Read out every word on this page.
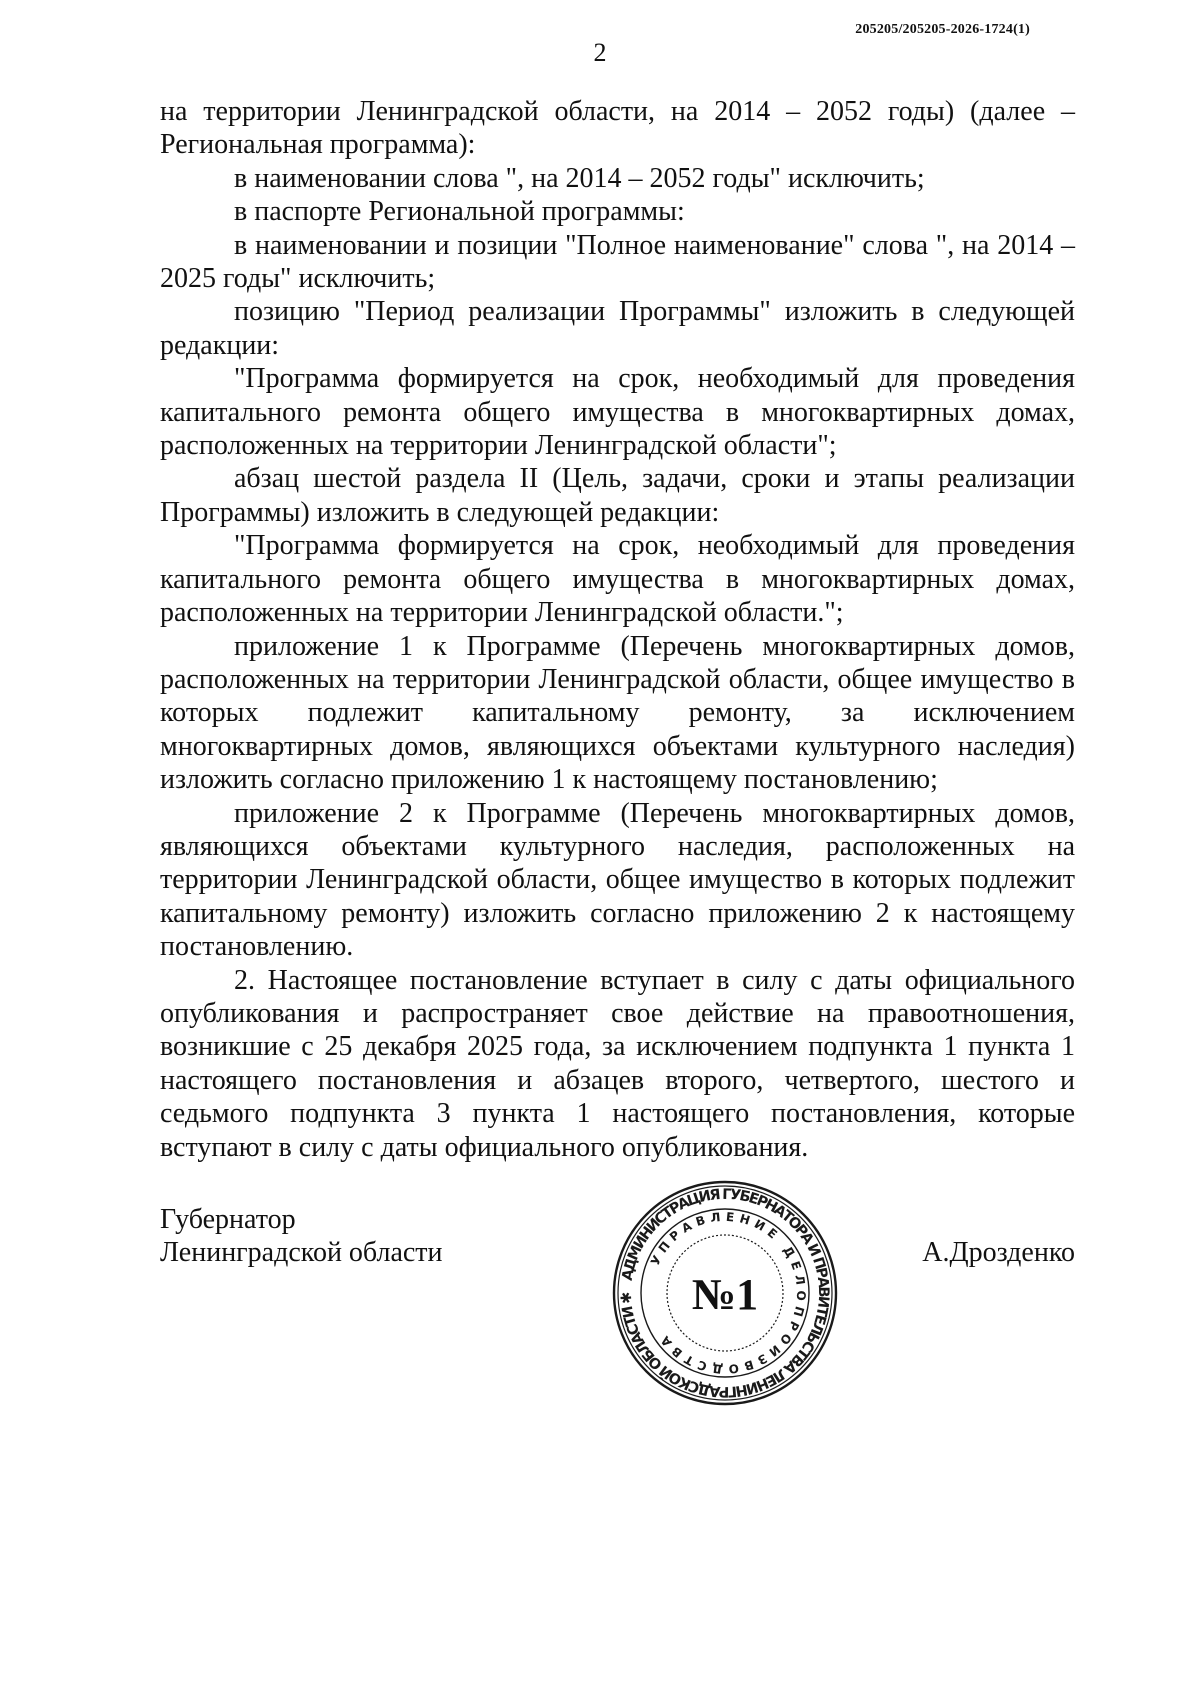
205205/205205-2026-1724(1)
2

на территории Ленинградской области, на 2014 – 2052 годы) (далее – Региональная программа):

в наименовании слова ", на 2014 – 2052 годы" исключить;

в паспорте Региональной программы:

в наименовании и позиции "Полное наименование" слова ", на 2014 – 2025 годы" исключить;

позицию "Период реализации Программы" изложить в следующей редакции:

"Программа формируется на срок, необходимый для проведения капитального ремонта общего имущества в многоквартирных домах, расположенных на территории Ленинградской области";

абзац шестой раздела II (Цель, задачи, сроки и этапы реализации Программы) изложить в следующей редакции:

"Программа формируется на срок, необходимый для проведения капитального ремонта общего имущества в многоквартирных домах, расположенных на территории Ленинградской области.";

приложение 1 к Программе (Перечень многоквартирных домов, расположенных на территории Ленинградской области, общее имущество в которых подлежит капитальному ремонту, за исключением многоквартирных домов, являющихся объектами культурного наследия) изложить согласно приложению 1 к настоящему постановлению;

приложение 2 к Программе (Перечень многоквартирных домов, являющихся объектами культурного наследия, расположенных на территории Ленинградской области, общее имущество в которых подлежит капитальному ремонту) изложить согласно приложению 2 к настоящему постановлению.

2. Настоящее постановление вступает в силу с даты официального опубликования и распространяет свое действие на правоотношения, возникшие с 25 декабря 2025 года, за исключением подпункта 1 пункта 1 настоящего постановления и абзацев второго, четвертого, шестого и седьмого подпункта 3 пункта 1 настоящего постановления, которые вступают в силу с даты официального опубликования.

Губернатор
Ленинградской области	А.Дрозденко
АДМИНИСТРАЦИЯ ГУБЕРНАТОРА И ПРАВИТЕЛЬСТВА ЛЕНИНГРАДСКОЙ ОБЛАСТИ ✱
УПРАВЛЕНИЕ ДЕЛОПРОИЗВОДСТВА
№1
